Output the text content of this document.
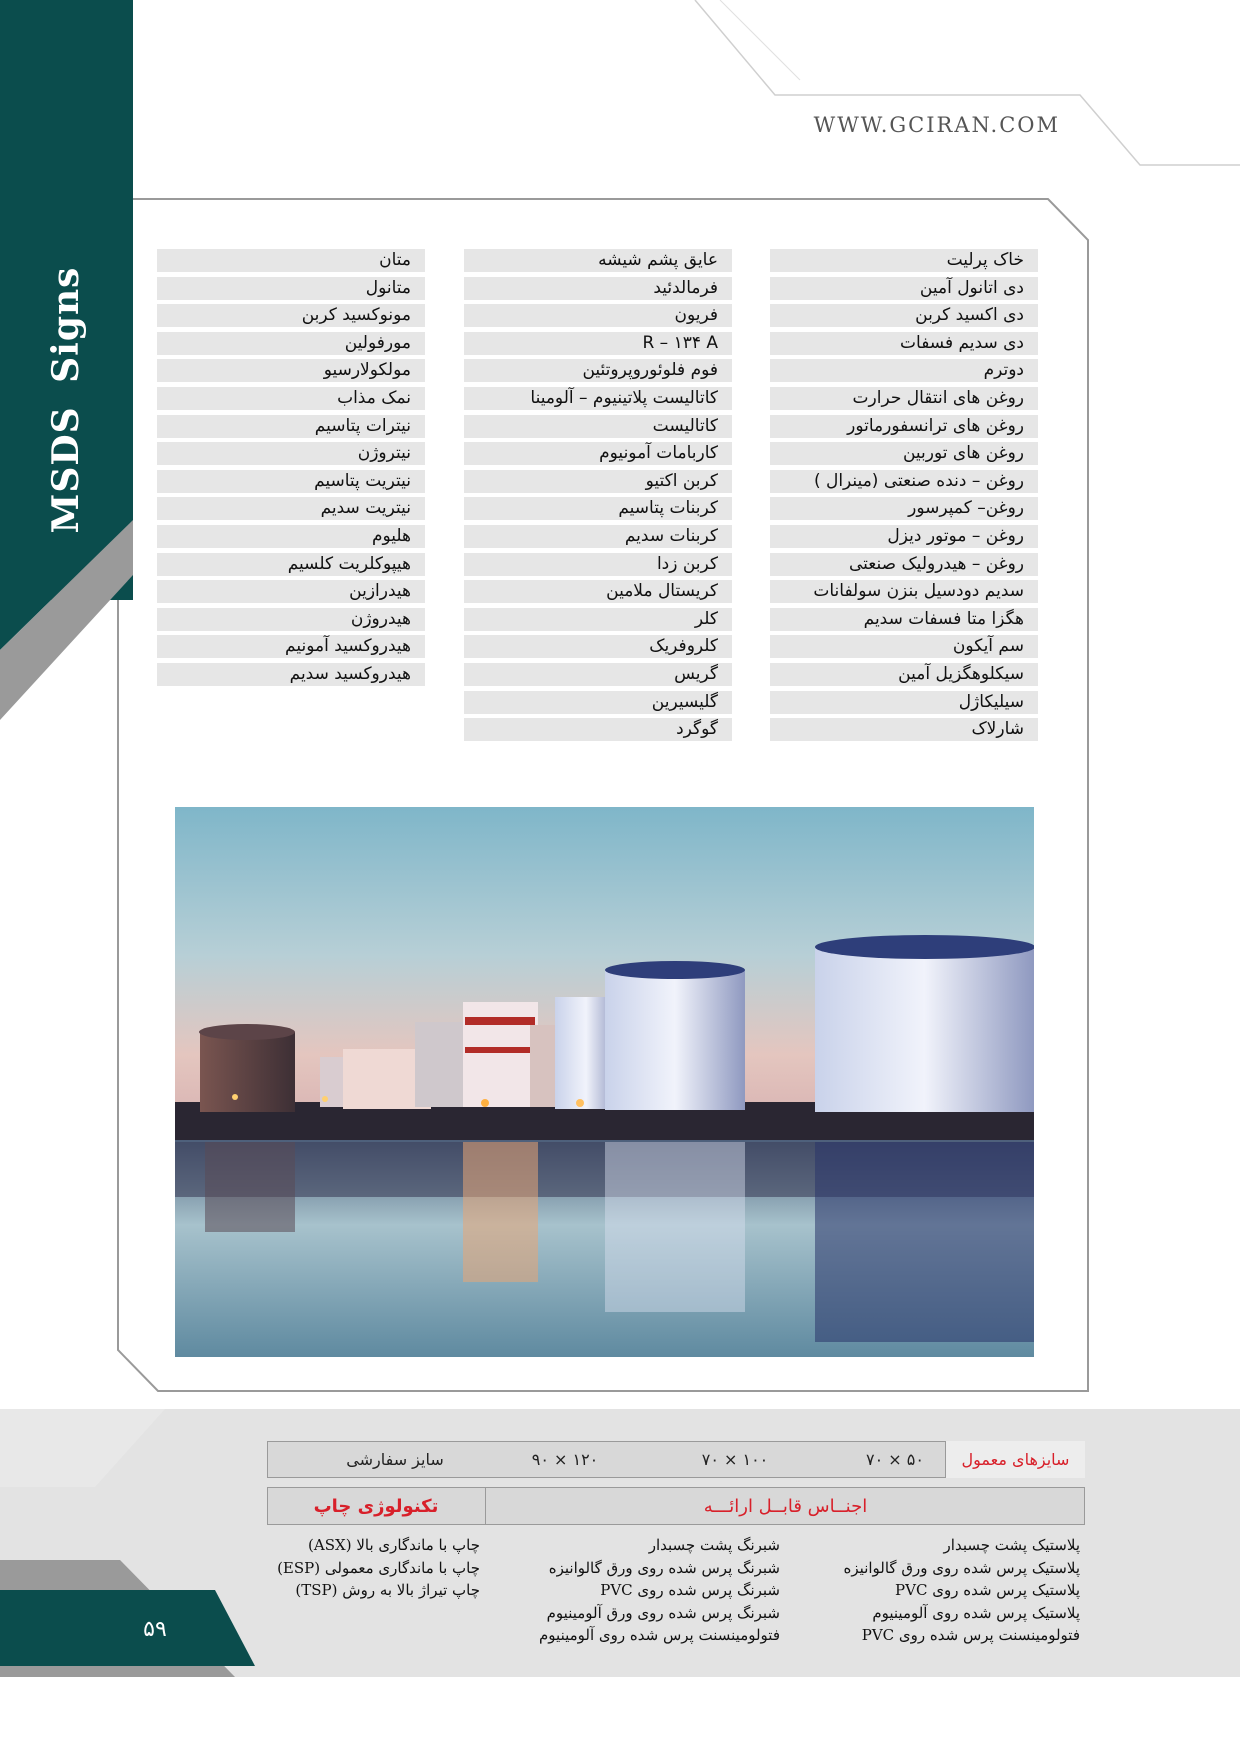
MSDS Signs
WWW.GCIRAN.COM
خاک پرلیت
دی اتانول آمین
دی اکسید کربن
دی سدیم فسفات
دوترم
روغن های انتقال حرارت
روغن های ترانسفورماتور
روغن های توربین
روغن – دنده صنعتی (مینرال )
روغن– کمپرسور
روغن – موتور دیزل
روغن – هیدرولیک صنعتی
سدیم دودسیل بنزن سولفانات
هگزا متا فسفات سدیم
سم آیکون
سیکلوهگزیل آمین
سیلیکاژل
شارلاک
عایق پشم شیشه
فرمالدئید
فریون
R – ۱۳۴ A
فوم فلوئوروپروتئین
کاتالیست پلاتینیوم – آلومینا
کاتالیست
کاربامات آمونیوم
کربن اکتیو
کربنات پتاسیم
کربنات سدیم
کربن زدا
کریستال ملامین
کلر
کلروفریک
گریس
گلیسیرین
گوگرد
متان
متانول
مونوکسید کربن
مورفولین
مولکولارسیو
نمک مذاب
نیترات پتاسیم
نیتروژن
نیتریت پتاسیم
نیتریت سدیم
هلیوم
هیپوکلریت کلسیم
هیدرازین
هیدروژن
هیدروکسید آمونیم
هیدروکسید سدیم
۵۹
سایزهای معمول
۷۰ × ۵۰
۷۰ × ۱۰۰
۹۰ × ۱۲۰
سایز سفارشی
اجنــاس قابــل ارائـــه
تکنولوژی چاپ
پلاستیک پشت چسبدار
پلاستیک پرس شده روی ورق گالوانیزه
پلاستیک پرس شده روی PVC
پلاستیک پرس شده روی آلومینیوم
فتولومینسنت پرس شده روی PVC
شبرنگ پشت چسبدار
شبرنگ پرس شده روی ورق گالوانیزه
شبرنگ پرس شده روی PVC
شبرنگ پرس شده روی ورق آلومینیوم
فتولومینسنت پرس شده روی آلومینیوم
چاپ با ماندگاری بالا (ASX)
چاپ با ماندگاری معمولی (ESP)
چاپ تیراژ بالا به روش (TSP)
